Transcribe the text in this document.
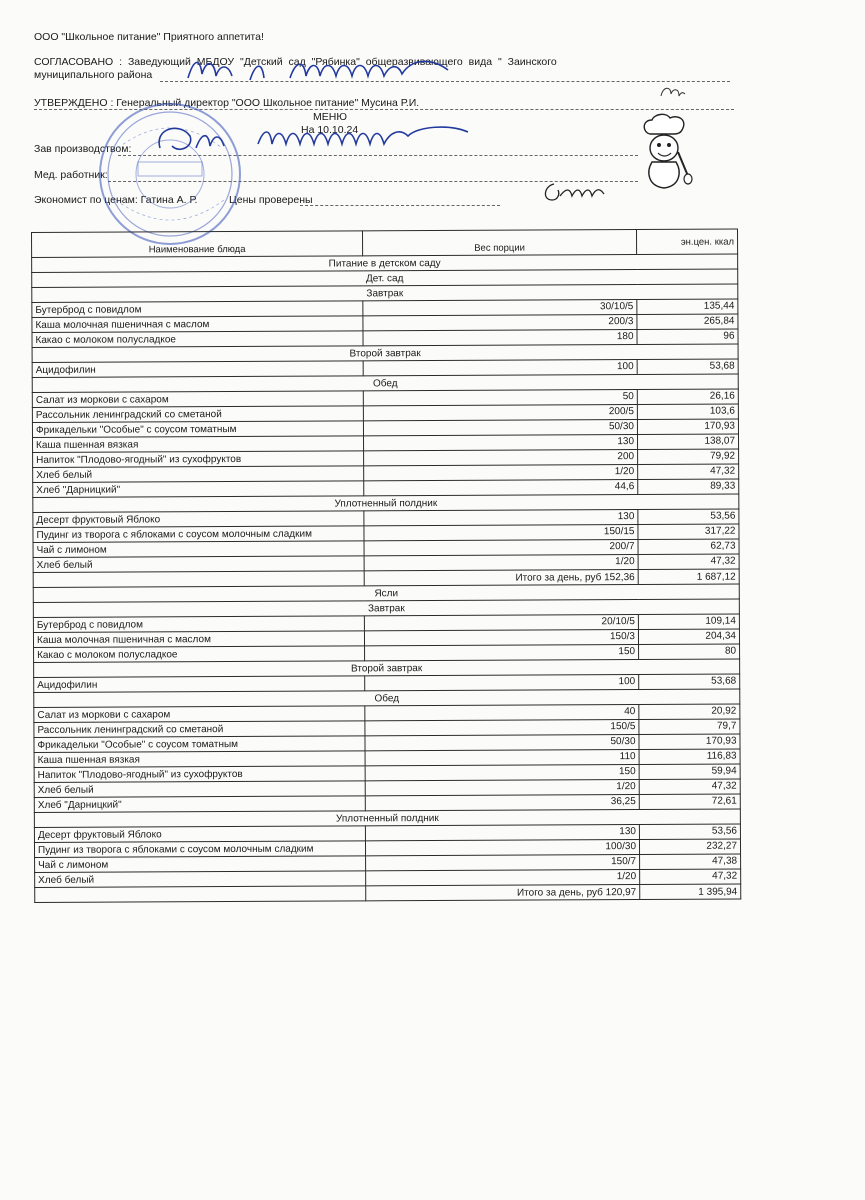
ООО "Школьное питание" Приятного аппетита!
СОГЛАСОВАНО : Заведующий МБДОУ "Детский сад "Рябинка" общеразвивающего вида " Заинского
муниципального района
УТВЕРЖДЕНО : Генеральный директор "ООО Школьное питание" Мусина Р.И.
МЕНЮ
На 10.10.24
Зав производством:
Мед. работник:
Экономист по ценам: Гатина А. Р.	Цены проверены
Наименование блюда	Вес порции	эн.цен. ккал
Питание в детском саду		
Дет. сад		
Завтрак		
Бутерброд с повидлом	30/10/5	135,44
Каша молочная пшеничная с маслом	200/3	265,84
Какао с молоком полусладкое	180	96
Второй завтрак		
Ацидофилин	100	53,68
Обед		
Салат из моркови с сахаром	50	26,16
Рассольник ленинградский со сметаной	200/5	103,6
Фрикадельки "Особые" с соусом томатным	50/30	170,93
Каша пшенная вязкая	130	138,07
Напиток "Плодово-ягодный" из сухофруктов	200	79,92
Хлеб белый	1/20	47,32
Хлеб "Дарницкий"	44,6	89,33
Уплотненный полдник		
Десерт фруктовый Яблоко	130	53,56
Пудинг из творога с яблоками с соусом молочным сладким	150/15	317,22
Чай с лимоном	200/7	62,73
Хлеб белый	1/20	47,32
	Итого за день, руб 152,36	1 687,12
Ясли		
Завтрак		
Бутерброд с повидлом	20/10/5	109,14
Каша молочная пшеничная с маслом	150/3	204,34
Какао с молоком полусладкое	150	80
Второй завтрак		
Ацидофилин	100	53,68
Обед		
Салат из моркови с сахаром	40	20,92
Рассольник ленинградский со сметаной	150/5	79,7
Фрикадельки "Особые" с соусом томатным	50/30	170,93
Каша пшенная вязкая	110	116,83
Напиток "Плодово-ягодный" из сухофруктов	150	59,94
Хлеб белый	1/20	47,32
Хлеб "Дарницкий"	36,25	72,61
Уплотненный полдник		
Десерт фруктовый Яблоко	130	53,56
Пудинг из творога с яблоками с соусом молочным сладким	100/30	232,27
Чай с лимоном	150/7	47,38
Хлеб белый	1/20	47,32
	Итого за день, руб 120,97	1 395,94
